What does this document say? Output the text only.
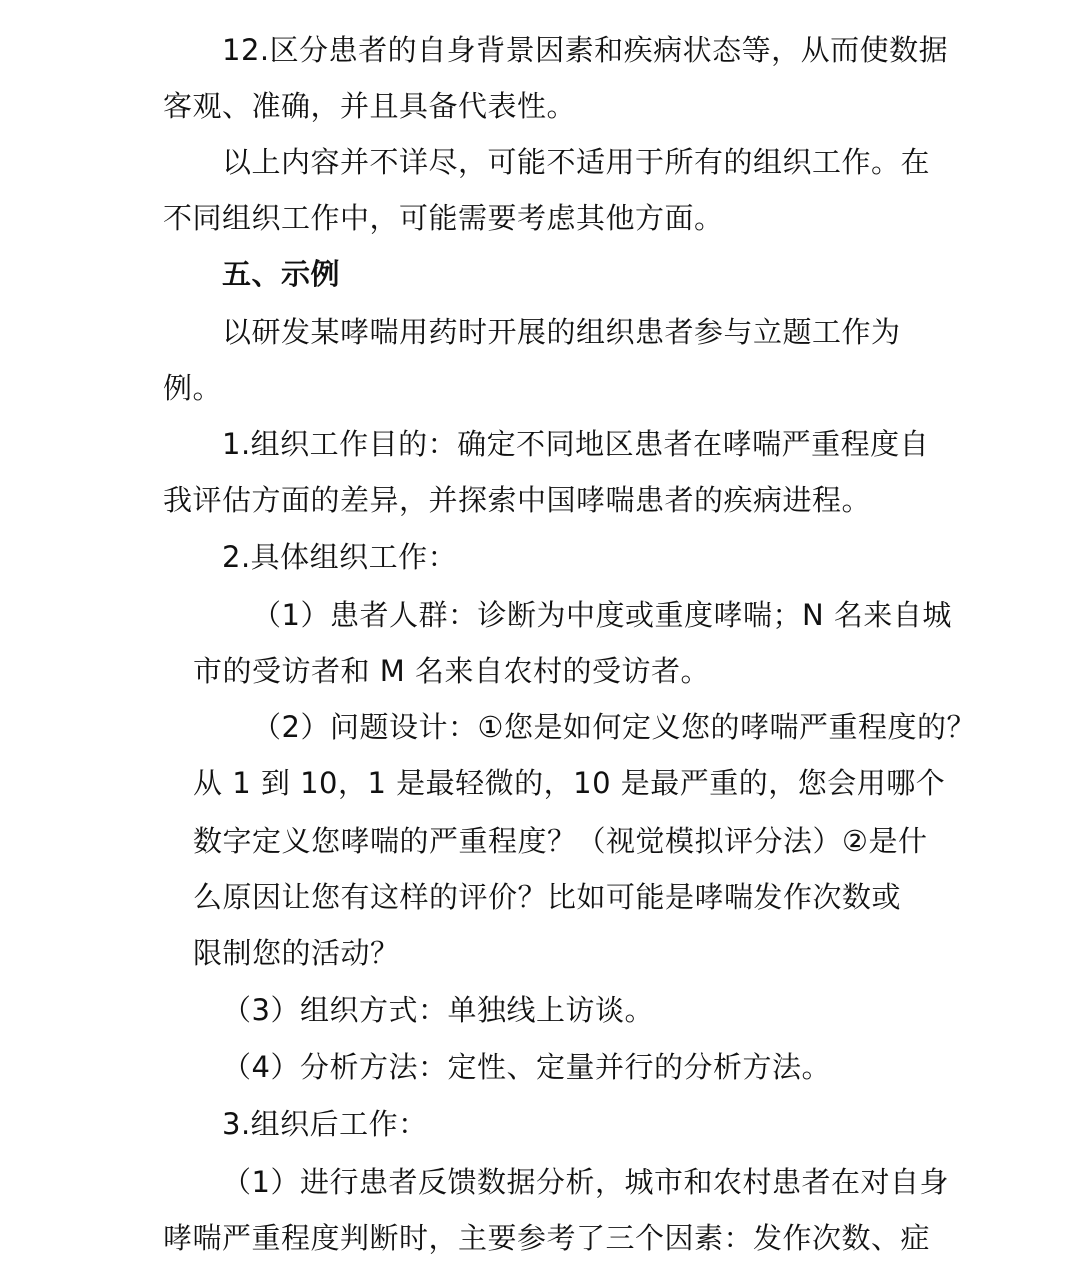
12.区分患者的自身背景因素和疾病状态等，从而使数据
客观、准确，并且具备代表性。
以上内容并不详尽，可能不适用于所有的组织工作。在
不同组织工作中，可能需要考虑其他方面。
五、示例
以研发某哮喘用药时开展的组织患者参与立题工作为
例。
1.组织工作目的：确定不同地区患者在哮喘严重程度自
我评估方面的差异，并探索中国哮喘患者的疾病进程。
2.具体组织工作：
（1）患者人群：诊断为中度或重度哮喘；N 名来自城
市的受访者和 M 名来自农村的受访者。
（2）问题设计：①您是如何定义您的哮喘严重程度的？
从 1 到 10，1 是最轻微的，10 是最严重的，您会用哪个
数字定义您哮喘的严重程度？（视觉模拟评分法）②是什
么原因让您有这样的评价？比如可能是哮喘发作次数或
限制您的活动？
（3）组织方式：单独线上访谈。
（4）分析方法：定性、定量并行的分析方法。
3.组织后工作：
（1）进行患者反馈数据分析，城市和农村患者在对自身
哮喘严重程度判断时，主要参考了三个因素：发作次数、症
